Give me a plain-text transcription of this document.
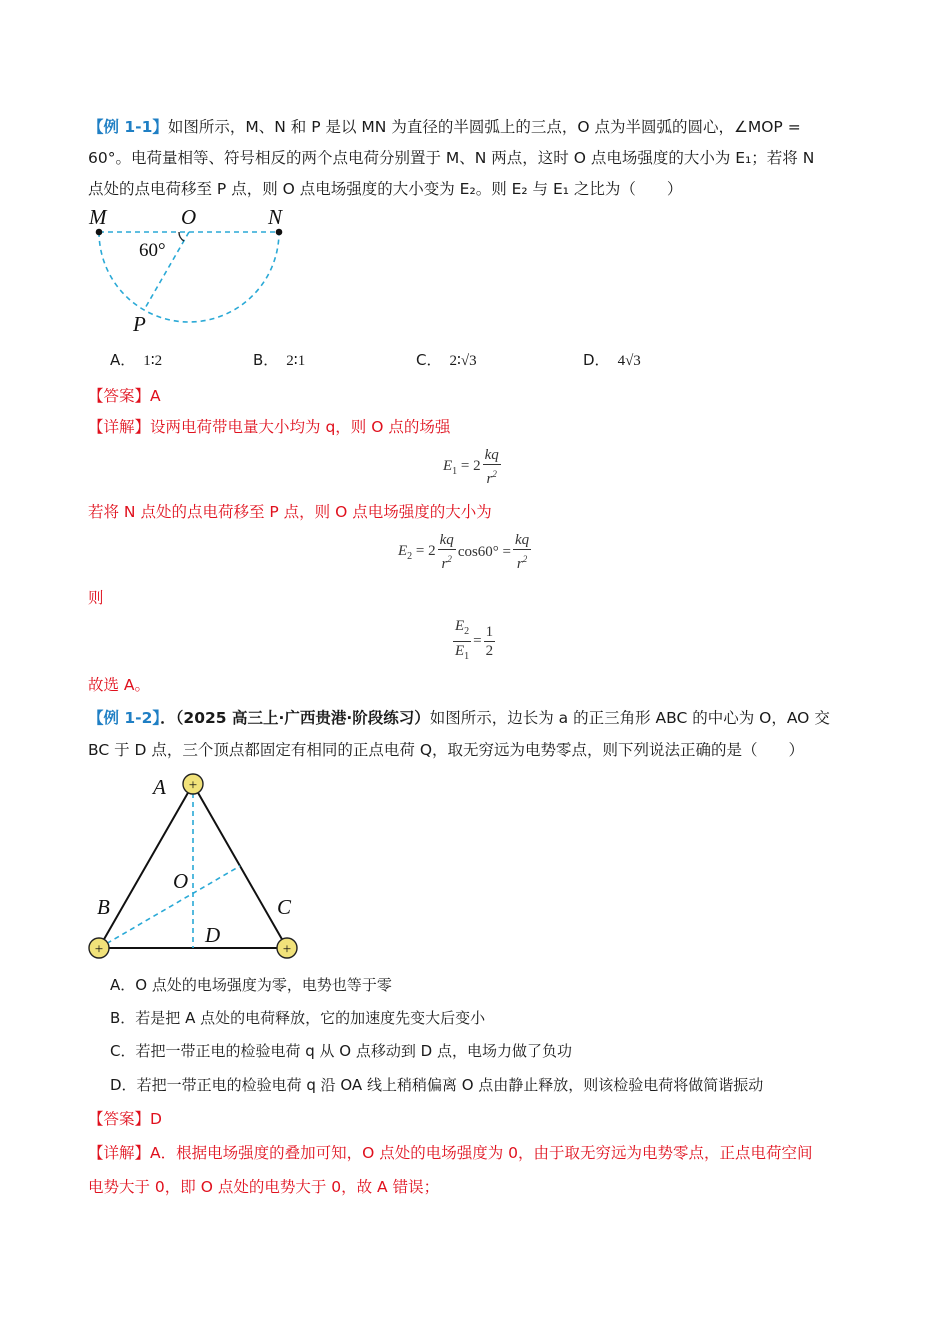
【例 1-1】如图所示，M、N 和 P 是以 MN 为直径的半圆弧上的三点，O 点为半圆弧的圆心，∠MOP =
60°。电荷量相等、符号相反的两个点电荷分别置于 M、N 两点，这时 O 点电场强度的大小为 E₁；若将 N
点处的点电荷移至 P 点，则 O 点电场强度的大小变为 E₂。则 E₂ 与 E₁ 之比为（　　）
M	O	N
P
60°
A． 1∶2	B． 2∶1	C． 2∶√3	D． 4√3
【答案】A
【详解】设两电荷带电量大小均为 q，则 O 点的场强
$E_1 = 2 \frac{kq}{r^2}$
若将 N 点处的点电荷移至 P 点，则 O 点电场强度的大小为
$E_2 = 2 \frac{kq}{r^2} \cos 60^\circ = \frac{kq}{r^2}$
则
$\frac{E_2}{E_1} = \frac{1}{2}$
故选 A。
【例 1-2】．（2025 高三上·广西贵港·阶段练习）如图所示，边长为 a 的正三角形 ABC 的中心为 O，AO 交
BC 于 D 点，三个顶点都固定有相同的正点电荷 Q，取无穷远为电势零点，则下列说法正确的是（　　）
+
+	+
A
O
B	C
D
A．O 点处的电场强度为零，电势也等于零
B．若是把 A 点处的电荷释放，它的加速度先变大后变小
C．若把一带正电的检验电荷 q 从 O 点移动到 D 点，电场力做了负功
D．若把一带正电的检验电荷 q 沿 OA 线上稍稍偏离 O 点由静止释放，则该检验电荷将做简谐振动
【答案】D
【详解】A．根据电场强度的叠加可知，O 点处的电场强度为 0，由于取无穷远为电势零点，正点电荷空间
电势大于 0，即 O 点处的电势大于 0，故 A 错误；
